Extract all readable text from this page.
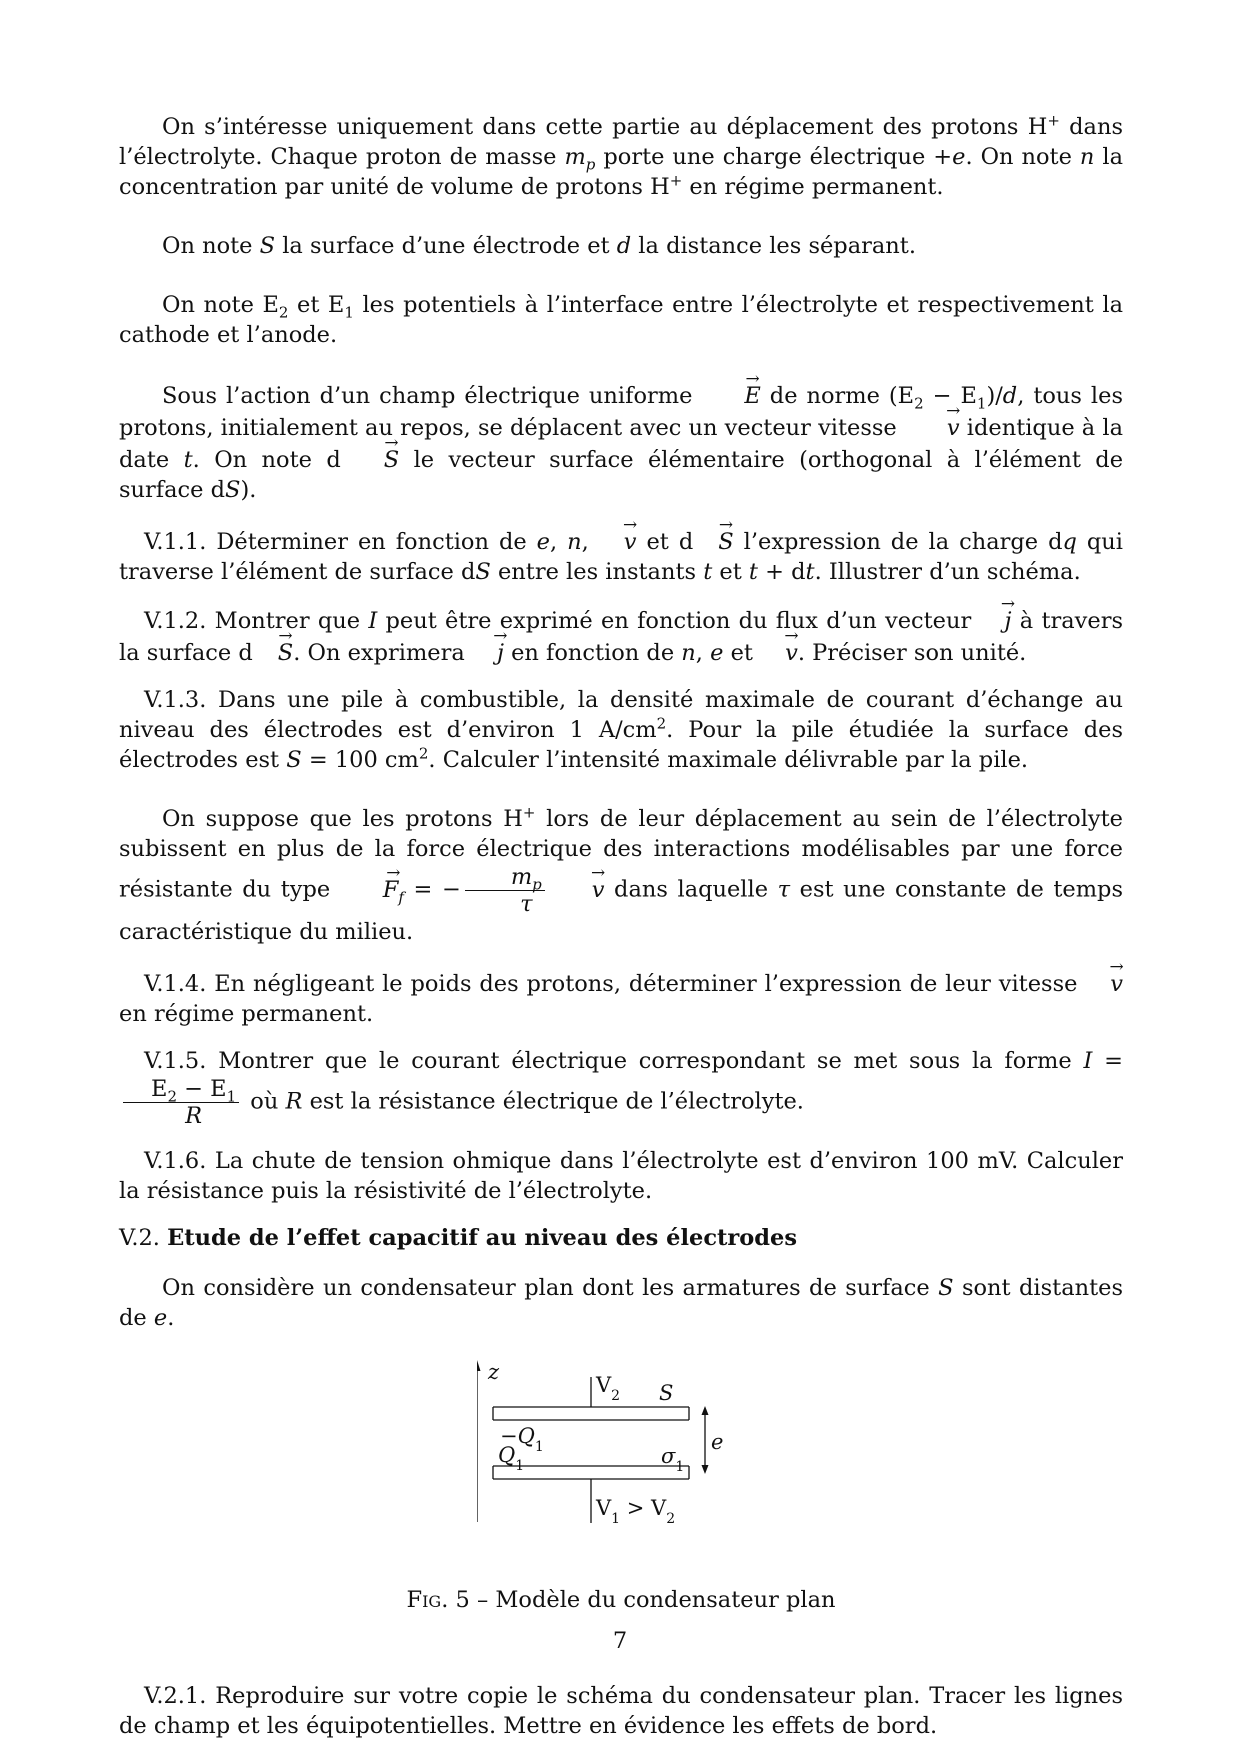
On s’intéresse uniquement dans cette partie au déplacement des protons H+ dans l’électrolyte. Chaque proton de masse $m_p$ porte une charge électrique +e. On note n la concentration par unité de volume de protons H+ en régime permanent.

On note S la surface d’une électrode et d la distance les séparant.

On note $E_2$ et $E_1$ les potentiels à l’interface entre l’électrolyte et respectivement la cathode et l’anode.

Sous l’action d’un champ électrique uniforme → E de norme $(E_2 - E_1)/d$, tous les protons, initialement au repos, se déplacent avec un vecteur vitesse → v identique à la date t. On note d→ S le vecteur surface élémentaire (orthogonal à l’élément de surface dS).

V.1.1. Déterminer en fonction de e, n, → v et d→ S l’expression de la charge dq qui traverse l’élément de surface dS entre les instants t et t + dt. Illustrer d’un schéma.

V.1.2. Montrer que I peut être exprimé en fonction du flux d’un vecteur → j à travers la surface d→ S. On exprimera → j en fonction de n, e et → v. Préciser son unité.

V.1.3. Dans une pile à combustible, la densité maximale de courant d’échange au niveau des électrodes est d’environ 1 $A/cm^2$. Pour la pile étudiée la surface des électrodes est S = 100 $cm^2$. Calculer l’intensité maximale délivrable par la pile.

On suppose que les protons H+ lors de leur déplacement au sein de l’électrolyte subissent en plus de la force électrique des interactions modélisables par une force résistante du type → $F_f$ = − $\frac{m_p}{\tau}$
→ v dans laquelle τ est une constante de temps caractéristique du milieu.

V.1.4. En négligeant le poids des protons, déterminer l’expression de leur vitesse → v en régime permanent.

V.1.5. Montrer que le courant électrique correspondant se met sous la forme I =
$\frac{E_2 - E_1}{R}$ où R est la résistance électrique de l’électrolyte.

V.1.6. La chute de tension ohmique dans l’électrolyte est d’environ 100 mV. Calculer la résistance puis la résistivité de l’électrolyte.

V.2. Etude de l’effet capacitif au niveau des électrodes

On considère un condensateur plan dont les armatures de surface S sont distantes de e.

z
$V_2$ S
$-Q_1$
$Q_1$	$\sigma_1$
e
$V_1 > V_2$

Fig. 5 – Modèle du condensateur plan

V.2.1. Reproduire sur votre copie le schéma du condensateur plan. Tracer les lignes de champ et les équipotentielles. Mettre en évidence les effets de bord.

7
